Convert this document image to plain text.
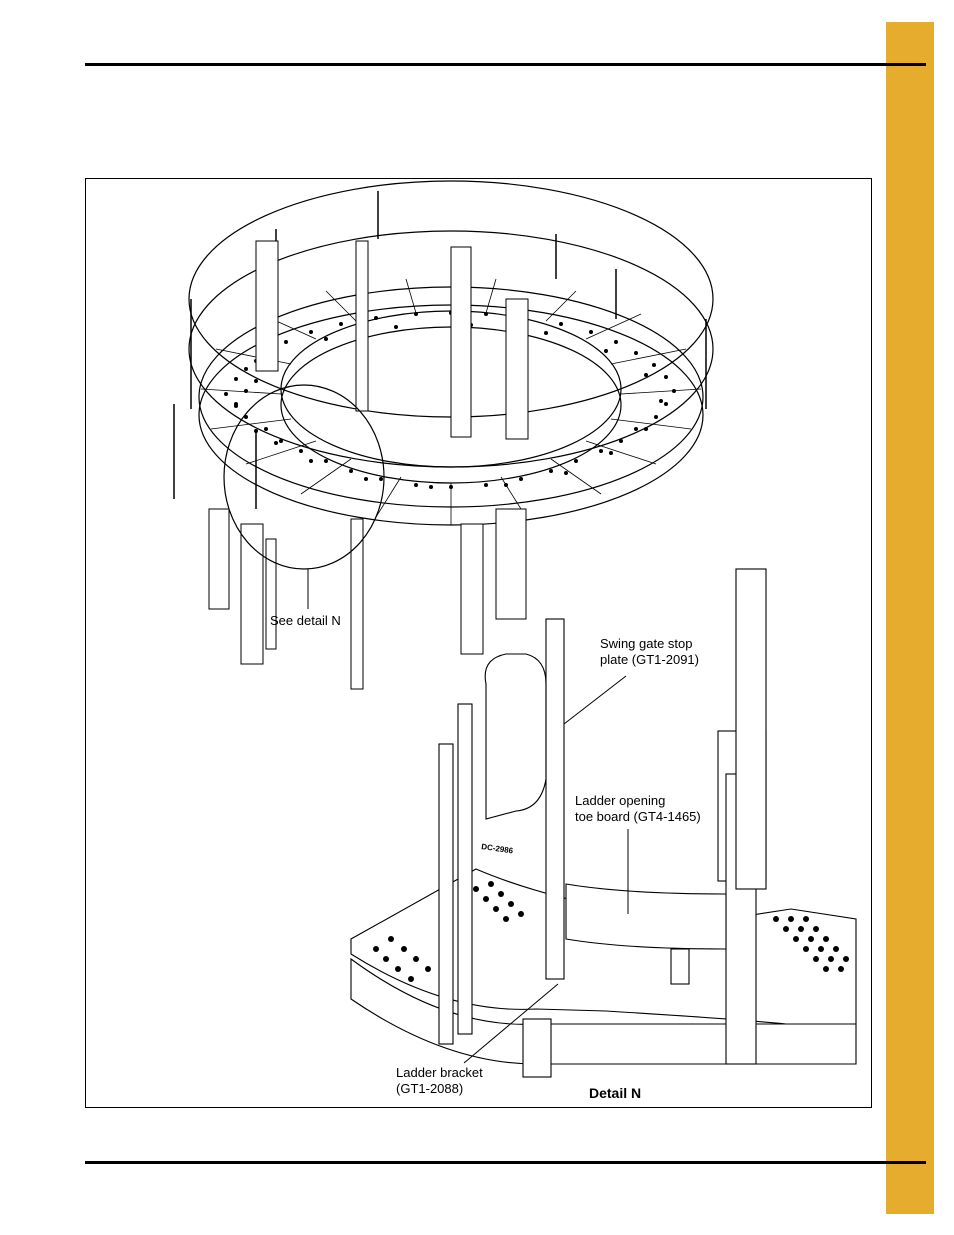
DC-2986
See detail N
Swing gate stop
plate (GT1-2091)
Ladder opening
toe board (GT4-1465)
Ladder bracket
(GT1-2088)	Detail N
